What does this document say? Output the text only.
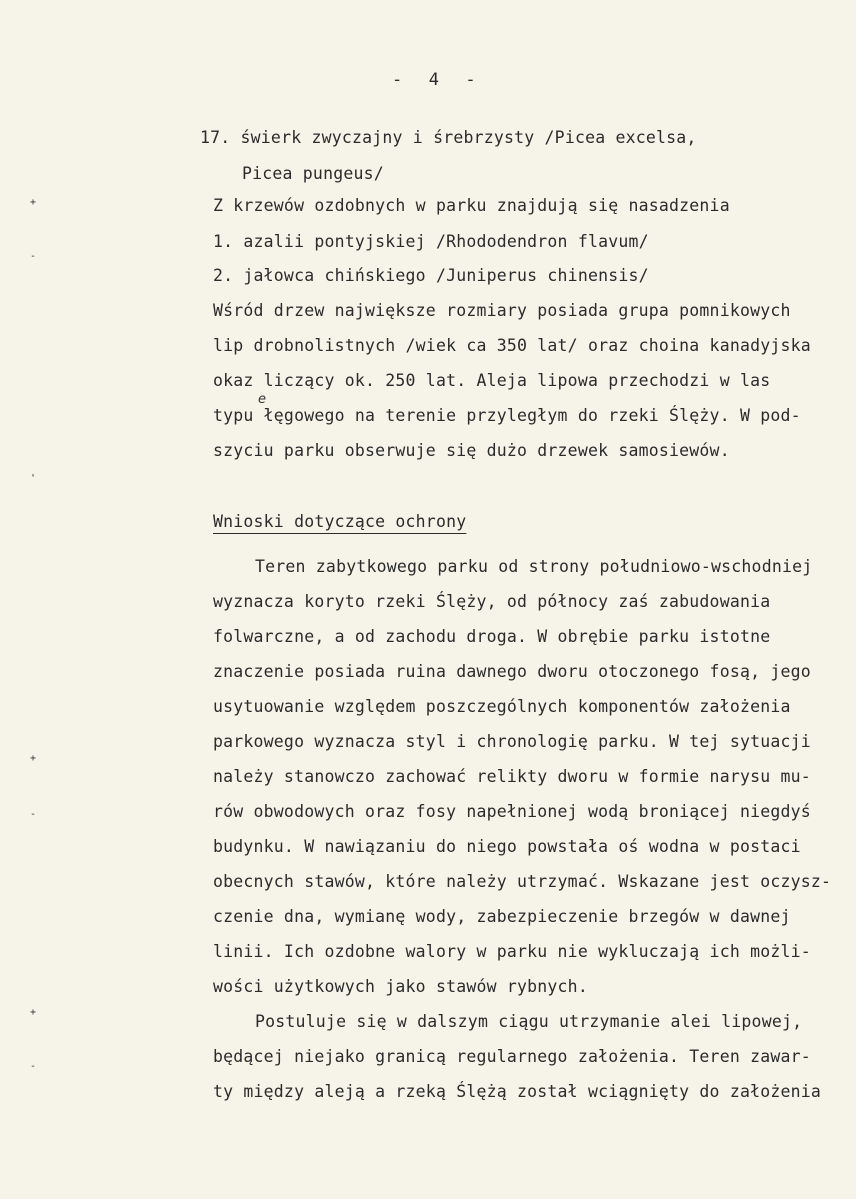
-  4  -
17. świerk zwyczajny i śrebrzysty /Picea excelsa,
Picea pungeus/
Z krzewów ozdobnych w parku znajdują się nasadzenia
1. azalii pontyjskiej /Rhododendron flavum/
2. jałowca chińskiego /Juniperus chinensis/
Wśród drzew największe rozmiary posiada grupa pomnikowych
lip drobnolistnych /wiek ca 350 lat/ oraz choina kanadyjska
okaz liczący ok. 250 lat. Aleja lipowa przechodzi w las
typu łęgowego na terenie przyległym do rzeki Ślęży. W pod-
e
szyciu parku obserwuje się dużo drzewek samosiewów.
Wnioski dotyczące ochrony
Teren zabytkowego parku od strony południowo-wschodniej
wyznacza koryto rzeki Ślęży, od północy zaś zabudowania
folwarczne, a od zachodu droga. W obrębie parku istotne
znaczenie posiada ruina dawnego dworu otoczonego fosą, jego
usytuowanie względem poszczególnych komponentów założenia
parkowego wyznacza styl i chronologię parku. W tej sytuacji
należy stanowczo zachować relikty dworu w formie narysu mu-
rów obwodowych oraz fosy napełnionej wodą broniącej niegdyś
budynku. W nawiązaniu do niego powstała oś wodna w postaci
obecnych stawów, które należy utrzymać. Wskazane jest oczysz-
czenie dna, wymianę wody, zabezpieczenie brzegów w dawnej
linii. Ich ozdobne walory w parku nie wykluczają ich możli-
wości użytkowych jako stawów rybnych.
Postuluje się w dalszym ciągu utrzymanie alei lipowej,
będącej niejako granicą regularnego założenia. Teren zawar-
ty między aleją a rzeką Ślężą został wciągnięty do założenia
+
-
'
+
-
+
-
